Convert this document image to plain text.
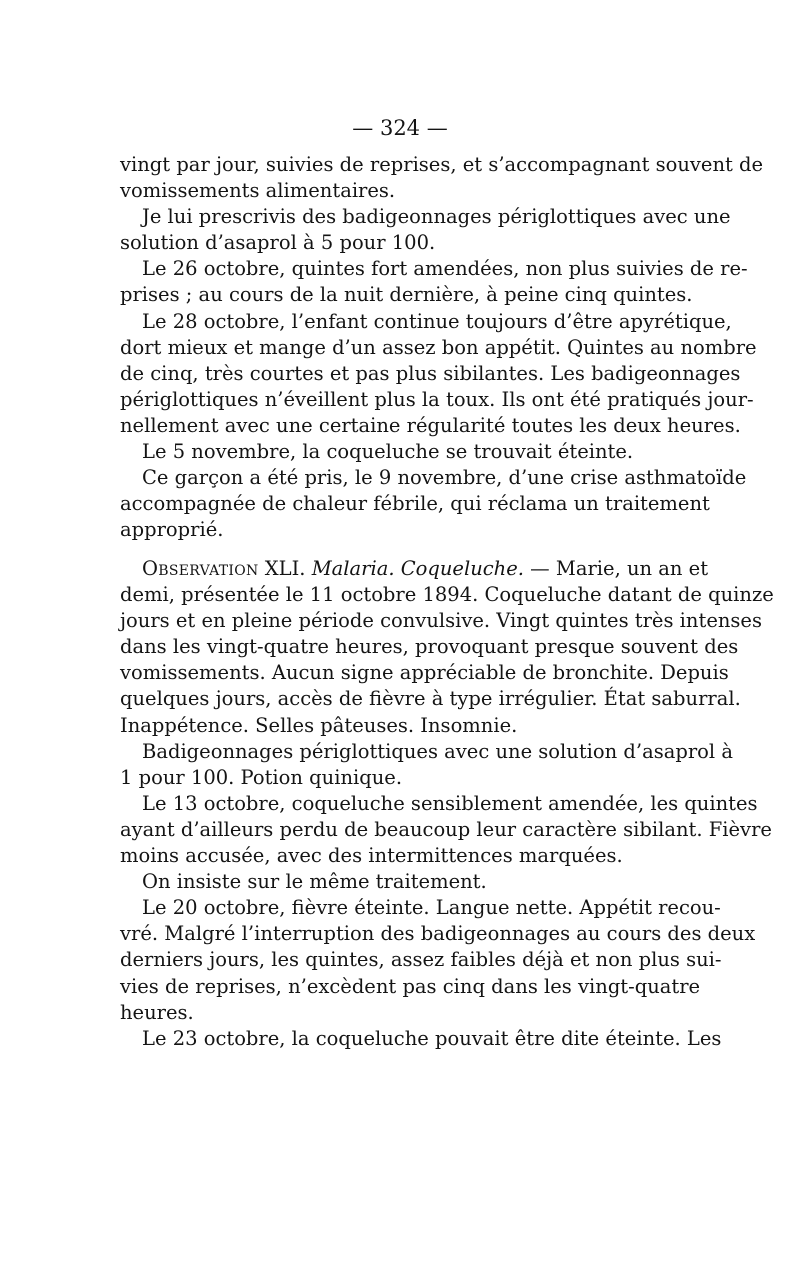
— 324 —
vingt par jour, suivies de reprises, et s’accompagnant souvent de
vomissements alimentaires.
Je lui prescrivis des badigeonnages périglottiques avec une
solution d’asaprol à 5 pour 100.
Le 26 octobre, quintes fort amendées, non plus suivies de re-
prises ; au cours de la nuit dernière, à peine cinq quintes.
Le 28 octobre, l’enfant continue toujours d’être apyrétique,
dort mieux et mange d’un assez bon appétit. Quintes au nombre
de cinq, très courtes et pas plus sibilantes. Les badigeonnages
périglottiques n’éveillent plus la toux. Ils ont été pratiqués jour-
nellement avec une certaine régularité toutes les deux heures.
Le 5 novembre, la coqueluche se trouvait éteinte.
Ce garçon a été pris, le 9 novembre, d’une crise asthmatoïde
accompagnée de chaleur fébrile, qui réclama un traitement
approprié.
OBSERVATION XLI. Malaria. Coqueluche. — Marie, un an et
demi, présentée le 11 octobre 1894. Coqueluche datant de quinze
jours et en pleine période convulsive. Vingt quintes très intenses
dans les vingt-quatre heures, provoquant presque souvent des
vomissements. Aucun signe appréciable de bronchite. Depuis
quelques jours, accès de fièvre à type irrégulier. État saburral.
Inappétence. Selles pâteuses. Insomnie.
Badigeonnages périglottiques avec une solution d’asaprol à
1 pour 100. Potion quinique.
Le 13 octobre, coqueluche sensiblement amendée, les quintes
ayant d’ailleurs perdu de beaucoup leur caractère sibilant. Fièvre
moins accusée, avec des intermittences marquées.
On insiste sur le même traitement.
Le 20 octobre, fièvre éteinte. Langue nette. Appétit recou-
vré. Malgré l’interruption des badigeonnages au cours des deux
derniers jours, les quintes, assez faibles déjà et non plus sui-
vies de reprises, n’excèdent pas cinq dans les vingt-quatre
heures.
Le 23 octobre, la coqueluche pouvait être dite éteinte. Les
